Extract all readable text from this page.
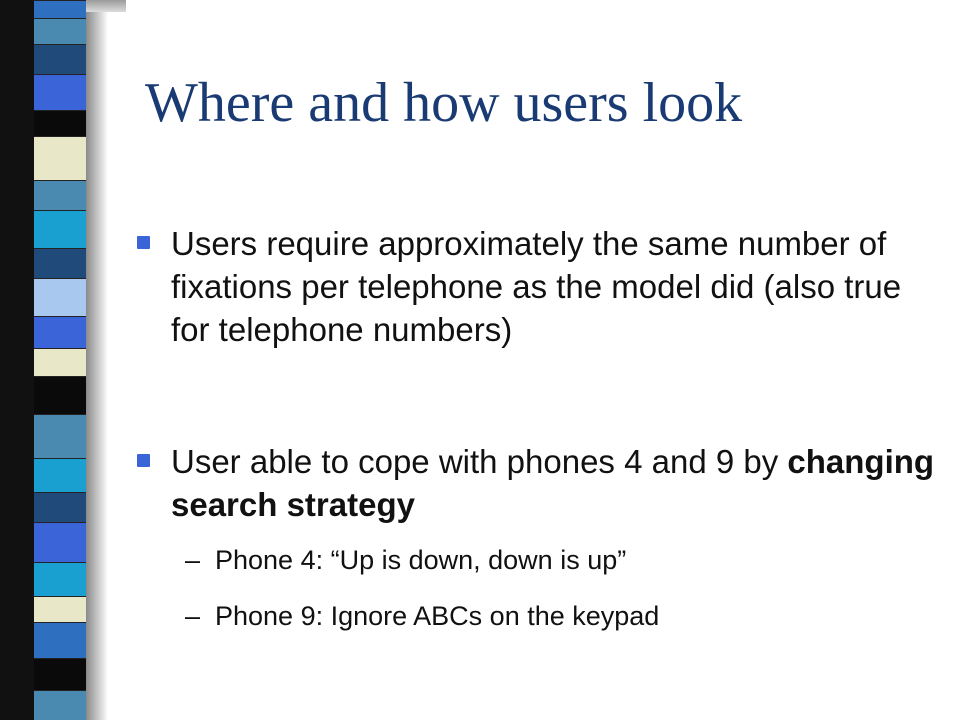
Where and how users look
Users require approximately the same number of fixations per telephone as the model did (also true for telephone numbers)
User able to cope with phones 4 and 9 by changing search strategy
– Phone 4: “Up is down, down is up”
– Phone 9: Ignore ABCs on the keypad
